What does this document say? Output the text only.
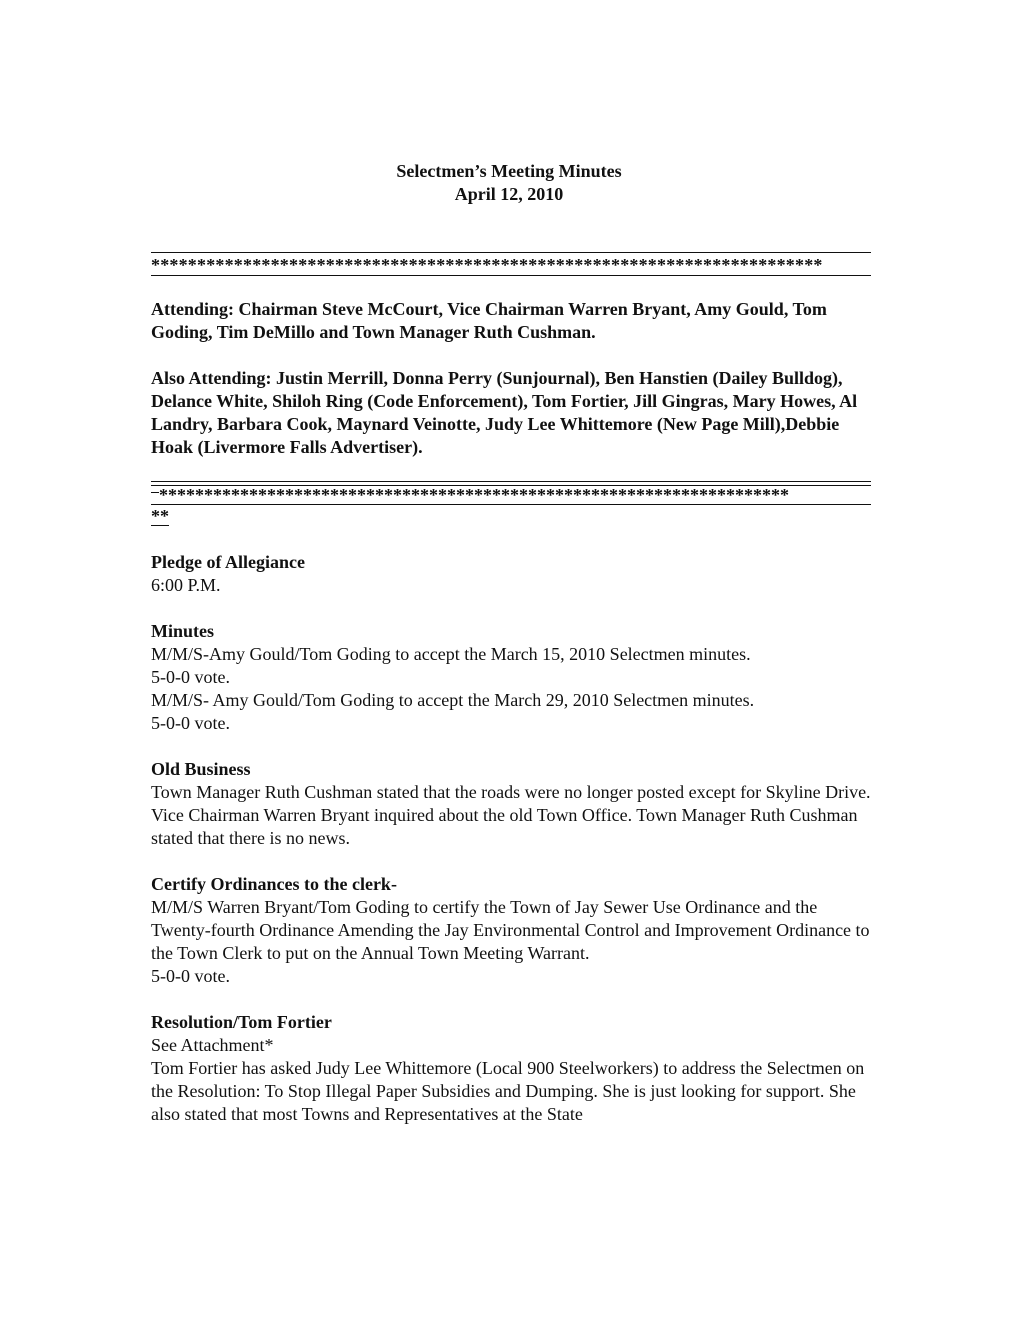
Selectmen’s Meeting Minutes
April 12, 2010
*************************************************************************
Attending: Chairman Steve McCourt, Vice Chairman Warren Bryant, Amy Gould, Tom Goding, Tim DeMillo and Town Manager Ruth Cushman.
Also Attending: Justin Merrill, Donna Perry (Sunjournal), Ben Hanstien (Dailey Bulldog), Delance White, Shiloh Ring (Code Enforcement), Tom Fortier, Jill Gingras, Mary Howes, Al Landry, Barbara Cook, Maynard Veinotte, Judy Lee Whittemore (New Page Mill),Debbie Hoak (Livermore Falls Advertiser).
**********************************************************************
**
Pledge of Allegiance
6:00 P.M.
Minutes
M/M/S-Amy Gould/Tom Goding to accept the March 15, 2010 Selectmen minutes.
5-0-0 vote.
M/M/S- Amy Gould/Tom Goding to accept the March 29, 2010 Selectmen minutes.
5-0-0 vote.
Old Business
Town Manager Ruth Cushman stated that the roads were no longer posted except for Skyline Drive.
Vice Chairman Warren Bryant inquired about the old Town Office. Town Manager Ruth Cushman stated that there is no news.
Certify Ordinances to the clerk-
M/M/S Warren Bryant/Tom Goding to certify the Town of Jay Sewer Use Ordinance and the Twenty-fourth Ordinance Amending the Jay Environmental Control and Improvement Ordinance to the Town Clerk to put on the Annual Town Meeting Warrant.
5-0-0 vote.
Resolution/Tom Fortier
See Attachment*
Tom Fortier has asked Judy Lee Whittemore (Local 900 Steelworkers) to address the Selectmen on the Resolution: To Stop Illegal Paper Subsidies and Dumping. She is just looking for support. She also stated that most Towns and Representatives at the State
